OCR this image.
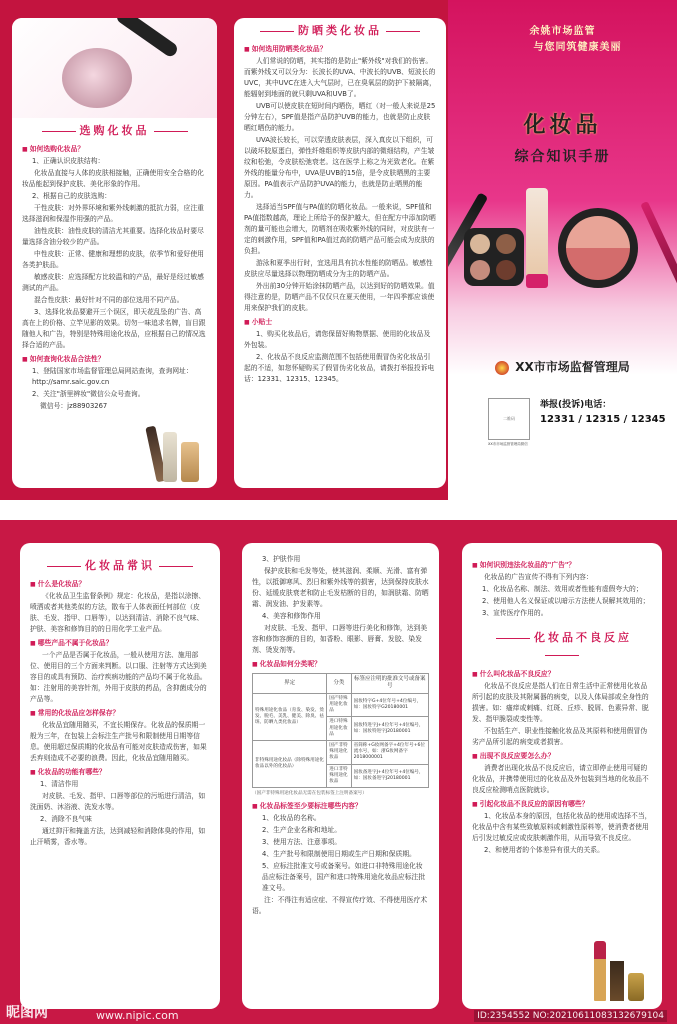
选购化妆品
■ 如何选购化妆品？
1、正确认识皮肤结构：
化妆品直接与人体的皮肤相接触，正确使用安全合格的化妆品能起到保护皮肤、美化形象的作用。
2、根据自己的皮肤选购：
干性皮肤：对外界环境和紫外线刺激的抵抗力弱，应注重选择滋润和保湿作用强的产品。
油性皮肤：油性皮肤的清洁尤其重要。选择化妆品时要尽量选择含油分较少的产品。
中性皮肤：正常、健康和理想的皮肤，依季节和爱好使用各类护肤品。
敏感皮肤：应选择配方比较温和的产品，最好是经过敏感测试的产品。
混合性皮肤：最好针对不同的部位选用不同产品。
3、选择化妆品要避开三个误区，即天花乱坠的广告、高高在上的价格、立竿见影的效果。切勿一味追求名牌，盲目跟随他人和广告，特别是特殊用途化妆品，应根据自己的情况选择合适的产品。
■ 如何查询化妆品合法性？
1、登陆国家市场监督管理总局网站查询，查询网址：http://samr.saic.gov.cn
2、关注"浙里辨妆"微信公众号查询。
微信号：jz88903267
防晒类化妆品
■ 如何选用防晒类化妆品？
人们常说的防晒，其实指的是防止"紫外线"对我们的伤害。而紫外线又可以分为：长波长的UVA、中波长的UVB、短波长的UVC，其中UVC在进入大气层时，已在臭氧层的防护下被隔离，能辐射到地面的就只剩UVA和UVB了。
UVB可以使皮肤在短时间内晒伤，晒红（对一般人来说是25分钟左右），SPF值是指产品防护UVB的能力，也就是防止皮肤晒红晒伤的能力。
UVA波长较长，可以穿透皮肤表层，深入真皮以下组织，可以破坏胶原蛋白，弹性纤维组织等皮肤内部的微细结构，产生皱纹和松弛，令皮肤松弛衰老。这在医学上称之为光致老化。在紫外线的能量分布中，UVA是UVB的15倍，是令皮肤晒黑的主要原因。PA值表示产品防护UVA的能力，也就是防止晒黑的能力。
选择适当SPF值与PA值的防晒化妆品。一般来说，SPF值和PA值指数越高，理论上所给予的保护越大，但在配方中添加防晒剂的量可能也会增大，防晒剂在吸收紫外线的同时，对皮肤有一定的刺激作用，SPF值和PA值过高的防晒产品可能会成为皮肤的负担。
游泳和夏季出行时，宜选用具有抗水性能的防晒品。敏感性皮肤应尽量选择以物理防晒成分为主的防晒产品。
外出前30分钟开始涂抹防晒产品，以达到好的防晒效果。值得注意的是，防晒产品不仅仅只在夏天使用，一年四季都应该使用来保护我们的皮肤。
■ 小贴士
1、购买化妆品后，请您保留好购物票据、使用的化妆品及外包装。
2、化妆品不良反应监测范围不包括使用假冒伪劣化妆品引起的不适，如您怀疑购买了假冒伪劣化妆品，请拨打举报投诉电话：12331、12315、12345。
余姚市场监管
与您同筑健康美丽
化妆品
综合知识手册
XX市市场监督管理局
二维码
XX市市场监督管理局微信
举报(投诉)电话：
12331 / 12315 / 12345
化妆品常识
■ 什么是化妆品？
《化妆品卫生监督条例》规定：化妆品，是指以涂擦、喷洒或者其他类似的方法，散布于人体表面任何部位（皮肤、毛发、指甲、口唇等），以达到清洁、消除不良气味、护肤、美容和修饰目的的日用化学工业产品。
■ 哪些产品不属于化妆品？
一个产品是否属于化妆品，一般从使用方法、施用部位、使用目的三个方面来判断。以口服、注射等方式达到美容目的或具有预防、治疗疾病功能的产品均不属于化妆品。如：注射用的美容针剂，外用于皮肤的药品，含抑菌成分的产品等。
■ 常用的化妆品应怎样保存？
化妆品宜随用随买，不宜长期保存。化妆品的保质期一般为三年，在包装上会标注生产批号和限制使用日期等信息。使用超过保质期的化妆品有可能对皮肤造成伤害，如果丢弃则造成不必要的浪费。因此，化妆品宜随用随买。
■ 化妆品的功能有哪些？
1、清洁作用
对皮肤、毛发、指甲、口唇等部位的污垢进行清洁，如洗面奶、沐浴液、洗发水等。
2、消除不良气味
通过抑汗和掩盖方法，达到减轻和消除体臭的作用，如止汗喷雾，香水等。
3、护肤作用
保护皮肤和毛发等处，使其滋润、柔顺、光滑、富有弹性，以抵御寒风、烈日和紫外线等的损害，达到保持皮肤水份、延缓皮肤衰老和防止毛发枯断的目的，如润肤霜、防晒霜、润发油、护发素等。
4、美容和修饰作用
对皮肤、毛发、指甲、口唇等进行美化和修饰，达到美容和修饰容颜的目的，如香粉、眼影、唇膏、发胶、染发剂、烫发剂等。
■ 化妆品如何分类呢？
界定	分类	标签应注明的批准文号或备案号
特殊用途化妆品（育发、染发、烫发、脱毛、美乳、健美、除臭、祛斑、防晒九类化妆品）	国产特殊用途化妆品	国妆特字G+4位年号+4位编号，如：国妆特字G20180001
	进口特殊用途化妆品	国妆特进字J+4位年号+4位编号，如：国妆特进字J20180001
非特殊用途化妆品（除特殊用途化妆品以外的化妆品）	国产非特殊用途化妆品	省简称+G妆网备字+4位年号+6位流水号，如：浙G妆网备字2018000001
	进口非特殊用途化妆品	国妆备进字J+4位年号+4位编号，如：国妆备进字J20180001
（国产非特殊用途化妆品无需在包装标签上注明备案号）
■ 化妆品标签至少要标注哪些内容？
1、化妆品的名称。
2、生产企业名称和地址。
3、使用方法、注意事项。
4、生产批号和限制使用日期或生产日期和保质期。
5、应标注批准文号或备案号。如进口非特殊用途化妆品应标注备案号，国产和进口特殊用途化妆品应标注批准文号。
注：不得注有适应症、不得宣传疗效、不得使用医疗术语。
■ 如何识别违法化妆品的"广告"？
化妆品的广告宣传不得有下列内容：
1、化妆品名称、制法、效用或者性能有虚假夸大的；
2、使用他人名义保证或以暗示方法使人误解其效用的；
3、宣传医疗作用的。
化妆品不良反应
■ 什么叫化妆品不良反应？
化妆品不良反应是指人们在日常生活中正常使用化妆品所引起的皮肤及其附属器的病变，以及人体局部或全身性的损害。如：瘙痒或刺痛、红斑、丘疹、脱屑、色素异常、脱发、指甲脆裂或变性等。
不包括生产、职业性接触化妆品及其原料和使用假冒伪劣产品所引起的病变或者损害。
■ 出现不良反应要怎么办？
消费者出现化妆品不良反应后，请立即停止使用可疑的化妆品，并携带使用过的化妆品及外包装到当地的化妆品不良反应检测哨点医院就诊。
■ 引起化妆品不良反应的原因有哪些？
1、化妆品本身的原因，包括化妆品的使用或选择不当，化妆品中含有某些致敏原料或刺激性原料等，使消费者使用后引发过敏反应或皮肤刺激作用，从而导致不良反应。
2、和使用者的个体差异有很大的关系。
昵图网	www.nipic.com	ID:2354552 NO:20210611083132679104
